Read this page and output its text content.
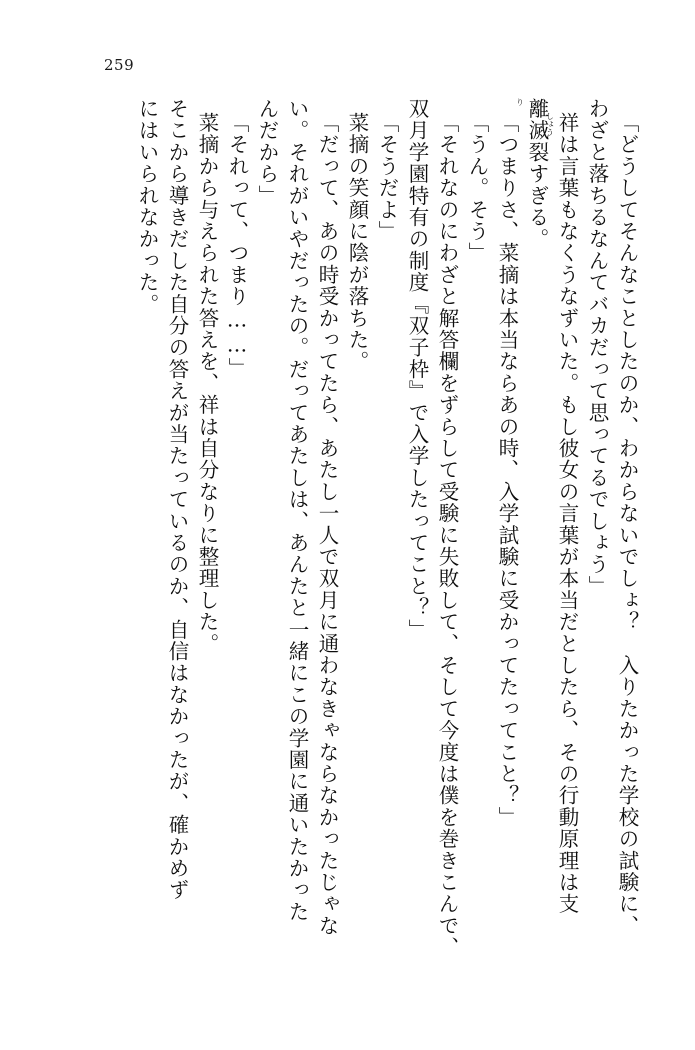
259
「どうしてそんなことしたのか、わからないでしょ？　入りたかった学校の試験に、
わざと落ちるなんてバカだって思ってるでしょう」
祥
しょう
は言葉もなくうなずいた。もし彼女の言葉が本当だとしたら、その行動原理は支
離
り
滅裂すぎる。
「つまりさ、菜摘は本当ならあの時、入学試験に受かってたってこと？」
「うん。そう」
「それなのにわざと解答欄をずらして受験に失敗して、そして今度は僕を巻きこんで、
双月学園特有の制度『双子枠』で入学したってこと？」
「そうだよ」
菜摘の笑顔に陰が落ちた。
「だって、あの時受かってたら、あたし一人で双月に通わなきゃならなかったじゃな
い。それがいやだったの。だってあたしは、あんたと一緒にこの学園に通いたかった
んだから」
「それって、つまり……」
菜摘から与えられた答えを、祥は自分なりに整理した。
そこから導きだした自分の答えが当たっているのか、自信はなかったが、確かめず
にはいられなかった。
